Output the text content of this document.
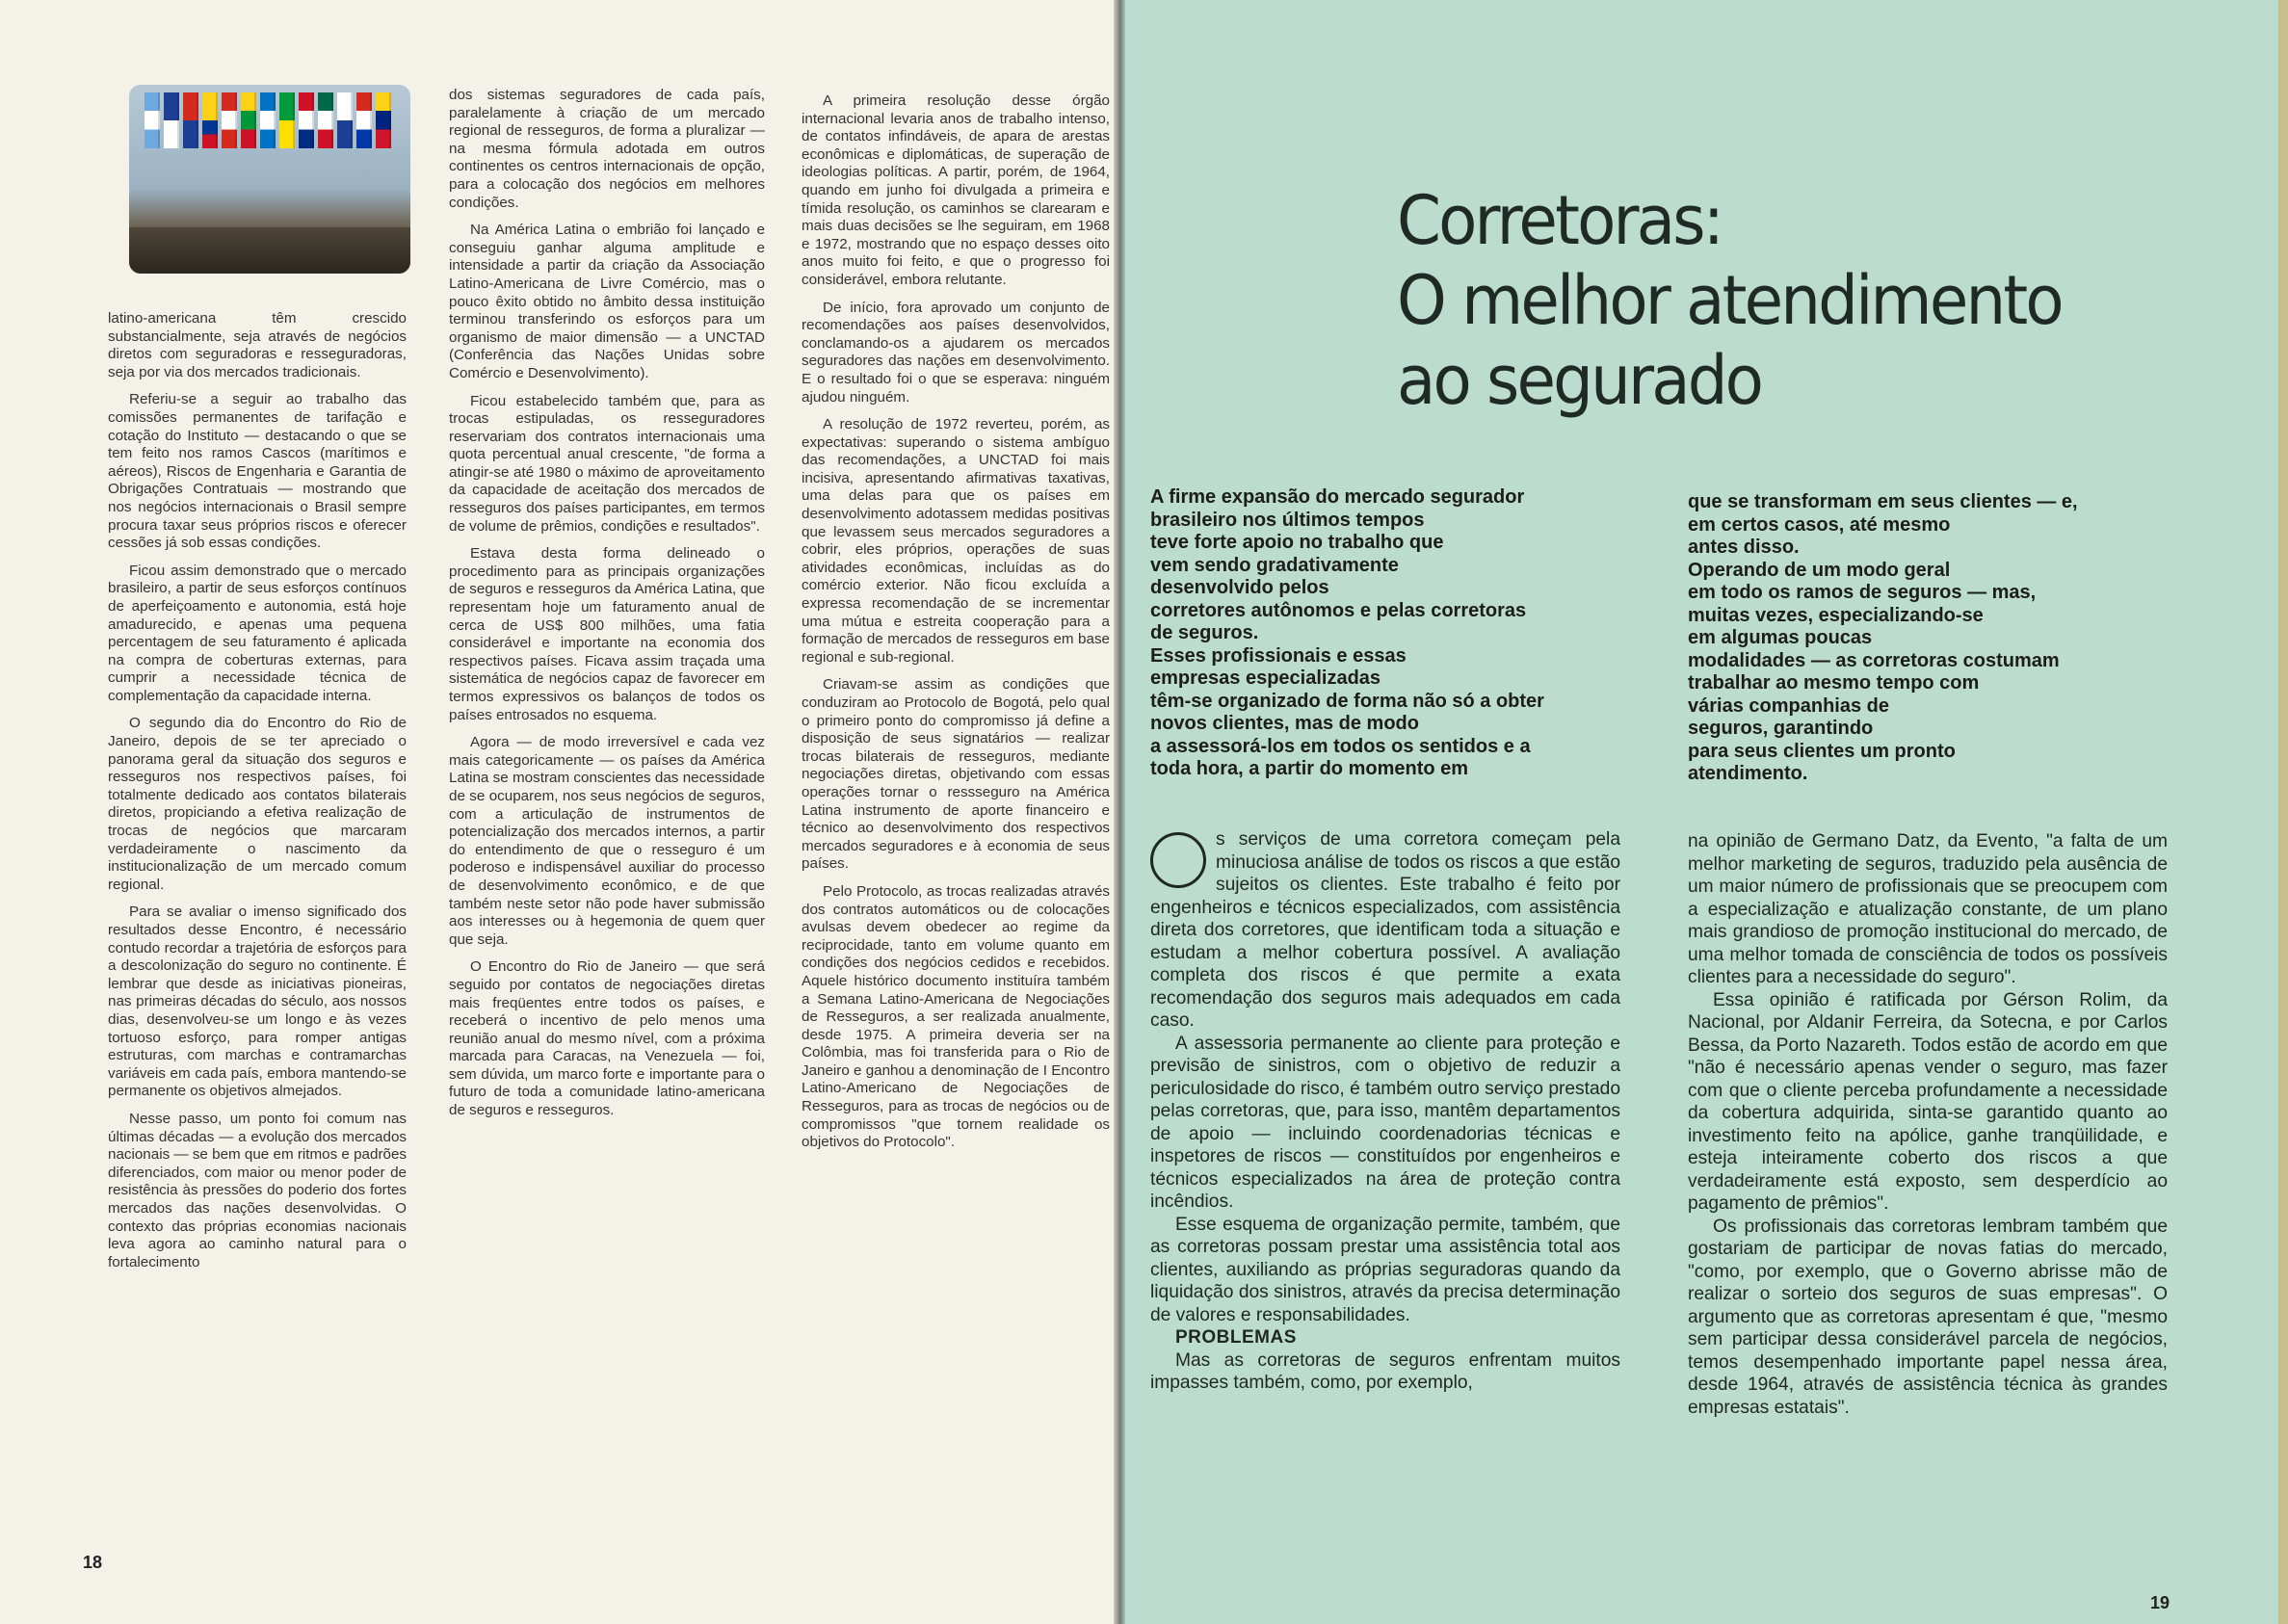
latino-americana têm crescido substancialmente, seja através de negócios diretos com seguradoras e resseguradoras, seja por via dos mercados tradicionais.

Referiu-se a seguir ao trabalho das comissões permanentes de tarifação e cotação do Instituto — destacando o que se tem feito nos ramos Cascos (marítimos e aéreos), Riscos de Engenharia e Garantia de Obrigações Contratuais — mostrando que nos negócios internacionais o Brasil sempre procura taxar seus próprios riscos e oferecer cessões já sob essas condições.

Ficou assim demonstrado que o mercado brasileiro, a partir de seus esforços contínuos de aperfeiçoamento e autonomia, está hoje amadurecido, e apenas uma pequena percentagem de seu faturamento é aplicada na compra de coberturas externas, para cumprir a necessidade técnica de complementação da capacidade interna.

O segundo dia do Encontro do Rio de Janeiro, depois de se ter apreciado o panorama geral da situação dos seguros e resseguros nos respectivos países, foi totalmente dedicado aos contatos bilaterais diretos, propiciando a efetiva realização de trocas de negócios que marcaram verdadeiramente o nascimento da institucionalização de um mercado comum regional.

Para se avaliar o imenso significado dos resultados desse Encontro, é necessário contudo recordar a trajetória de esforços para a descolonização do seguro no continente. É lembrar que desde as iniciativas pioneiras, nas primeiras décadas do século, aos nossos dias, desenvolveu-se um longo e às vezes tortuoso esforço, para romper antigas estruturas, com marchas e contramarchas variáveis em cada país, embora mantendo-se permanente os objetivos almejados.

Nesse passo, um ponto foi comum nas últimas décadas — a evolução dos mercados nacionais — se bem que em ritmos e padrões diferenciados, com maior ou menor poder de resistência às pressões do poderio dos fortes mercados das nações desenvolvidas. O contexto das próprias economias nacionais leva agora ao caminho natural para o fortalecimento

dos sistemas seguradores de cada país, paralelamente à criação de um mercado regional de resseguros, de forma a pluralizar — na mesma fórmula adotada em outros continentes os centros internacionais de opção, para a colocação dos negócios em melhores condições.

Na América Latina o embrião foi lançado e conseguiu ganhar alguma amplitude e intensidade a partir da criação da Associação Latino-Americana de Livre Comércio, mas o pouco êxito obtido no âmbito dessa instituição terminou transferindo os esforços para um organismo de maior dimensão — a UNCTAD (Conferência das Nações Unidas sobre Comércio e Desenvolvimento).

Ficou estabelecido também que, para as trocas estipuladas, os resseguradores reservariam dos contratos internacionais uma quota percentual anual crescente, "de forma a atingir-se até 1980 o máximo de aproveitamento da capacidade de aceitação dos mercados de resseguros dos países participantes, em termos de volume de prêmios, condições e resultados".

Estava desta forma delineado o procedimento para as principais organizações de seguros e resseguros da América Latina, que representam hoje um faturamento anual de cerca de US$ 800 milhões, uma fatia considerável e importante na economia dos respectivos países. Ficava assim traçada uma sistemática de negócios capaz de favorecer em termos expressivos os balanços de todos os países entrosados no esquema.

Agora — de modo irreversível e cada vez mais categoricamente — os países da América Latina se mostram conscientes das necessidade de se ocuparem, nos seus negócios de seguros, com a articulação de instrumentos de potencialização dos mercados internos, a partir do entendimento de que o resseguro é um poderoso e indispensável auxiliar do processo de desenvolvimento econômico, e de que também neste setor não pode haver submissão aos interesses ou à hegemonia de quem quer que seja.

O Encontro do Rio de Janeiro — que será seguido por contatos de negociações diretas mais freqüentes entre todos os países, e receberá o incentivo de pelo menos uma reunião anual do mesmo nível, com a próxima marcada para Caracas, na Venezuela — foi, sem dúvida, um marco forte e importante para o futuro de toda a comunidade latino-americana de seguros e resseguros.

A primeira resolução desse órgão internacional levaria anos de trabalho intenso, de contatos infindáveis, de apara de arestas econômicas e diplomáticas, de superação de ideologias políticas. A partir, porém, de 1964, quando em junho foi divulgada a primeira e tímida resolução, os caminhos se clarearam e mais duas decisões se lhe seguiram, em 1968 e 1972, mostrando que no espaço desses oito anos muito foi feito, e que o progresso foi considerável, embora relutante.

De início, fora aprovado um conjunto de recomendações aos países desenvolvidos, conclamando-os a ajudarem os mercados seguradores das nações em desenvolvimento. E o resultado foi o que se esperava: ninguém ajudou ninguém.

A resolução de 1972 reverteu, porém, as expectativas: superando o sistema ambíguo das recomendações, a UNCTAD foi mais incisiva, apresentando afirmativas taxativas, uma delas para que os países em desenvolvimento adotassem medidas positivas que levassem seus mercados seguradores a cobrir, eles próprios, operações de suas atividades econômicas, incluídas as do comércio exterior. Não ficou excluída a expressa recomendação de se incrementar uma mútua e estreita cooperação para a formação de mercados de resseguros em base regional e sub-regional.

Criavam-se assim as condições que conduziram ao Protocolo de Bogotá, pelo qual o primeiro ponto do compromisso já define a disposição de seus signatários — realizar trocas bilaterais de resseguros, mediante negociações diretas, objetivando com essas operações tornar o ressseguro na América Latina instrumento de aporte financeiro e técnico ao desenvolvimento dos respectivos mercados seguradores e à economia de seus países.

Pelo Protocolo, as trocas realizadas através dos contratos automáticos ou de colocações avulsas devem obedecer ao regime da reciprocidade, tanto em volume quanto em condições dos negócios cedidos e recebidos. Aquele histórico documento instituíra também a Semana Latino-Americana de Negociações de Resseguros, a ser realizada anualmente, desde 1975. A primeira deveria ser na Colômbia, mas foi transferida para o Rio de Janeiro e ganhou a denominação de I Encontro Latino-Americano de Negociações de Resseguros, para as trocas de negócios ou de compromissos "que tornem realidade os objetivos do Protocolo".

18
Corretoras:
O melhor atendimento
ao segurado
A firme expansão do mercado segurador
brasileiro nos últimos tempos
teve forte apoio no trabalho que
vem sendo gradativamente
desenvolvido pelos
corretores autônomos e pelas corretoras
de seguros.
Esses profissionais e essas
empresas especializadas
têm-se organizado de forma não só a obter
novos clientes, mas de modo
a assessorá-los em todos os sentidos e a
toda hora, a partir do momento em
que se transformam em seus clientes — e,
em certos casos, até mesmo
antes disso.
Operando de um modo geral
em todo os ramos de seguros — mas,
muitas vezes, especializando-se
em algumas poucas
modalidades — as corretoras costumam
trabalhar ao mesmo tempo com
várias companhias de
seguros, garantindo
para seus clientes um pronto
atendimento.

s serviços de uma corretora começam pela minuciosa análise de todos os riscos a que estão sujeitos os clientes. Este trabalho é feito por engenheiros e técnicos especializados, com assistência direta dos corretores, que identificam toda a situação e estudam a melhor cobertura possível. A avaliação completa dos riscos é que permite a exata recomendação dos seguros mais adequados em cada caso.

A assessoria permanente ao cliente para proteção e previsão de sinistros, com o objetivo de reduzir a periculosidade do risco, é também outro serviço prestado pelas corretoras, que, para isso, mantêm departamentos de apoio — incluindo coordenadorias técnicas e inspetores de riscos — constituídos por engenheiros e técnicos especializados na área de proteção contra incêndios.

Esse esquema de organização permite, também, que as corretoras possam prestar uma assistência total aos clientes, auxiliando as próprias seguradoras quando da liquidação dos sinistros, através da precisa determinação de valores e responsabilidades.

PROBLEMAS

Mas as corretoras de seguros enfrentam muitos impasses também, como, por exemplo,

na opinião de Germano Datz, da Evento, "a falta de um melhor marketing de seguros, traduzido pela ausência de um maior número de profissionais que se preocupem com a especialização e atualização constante, de um plano mais grandioso de promoção institucional do mercado, de uma melhor tomada de consciência de todos os possíveis clientes para a necessidade do seguro".

Essa opinião é ratificada por Gérson Rolim, da Nacional, por Aldanir Ferreira, da Sotecna, e por Carlos Bessa, da Porto Nazareth. Todos estão de acordo em que "não é necessário apenas vender o seguro, mas fazer com que o cliente perceba profundamente a necessidade da cobertura adquirida, sinta-se garantido quanto ao investimento feito na apólice, ganhe tranqüilidade, e esteja inteiramente coberto dos riscos a que verdadeiramente está exposto, sem desperdício ao pagamento de prêmios".

Os profissionais das corretoras lembram também que gostariam de participar de novas fatias do mercado, "como, por exemplo, que o Governo abrisse mão de realizar o sorteio dos seguros de suas empresas". O argumento que as corretoras apresentam é que, "mesmo sem participar dessa considerável parcela de negócios, temos desempenhado importante papel nessa área, desde 1964, através de assistência técnica às grandes empresas estatais".

19
